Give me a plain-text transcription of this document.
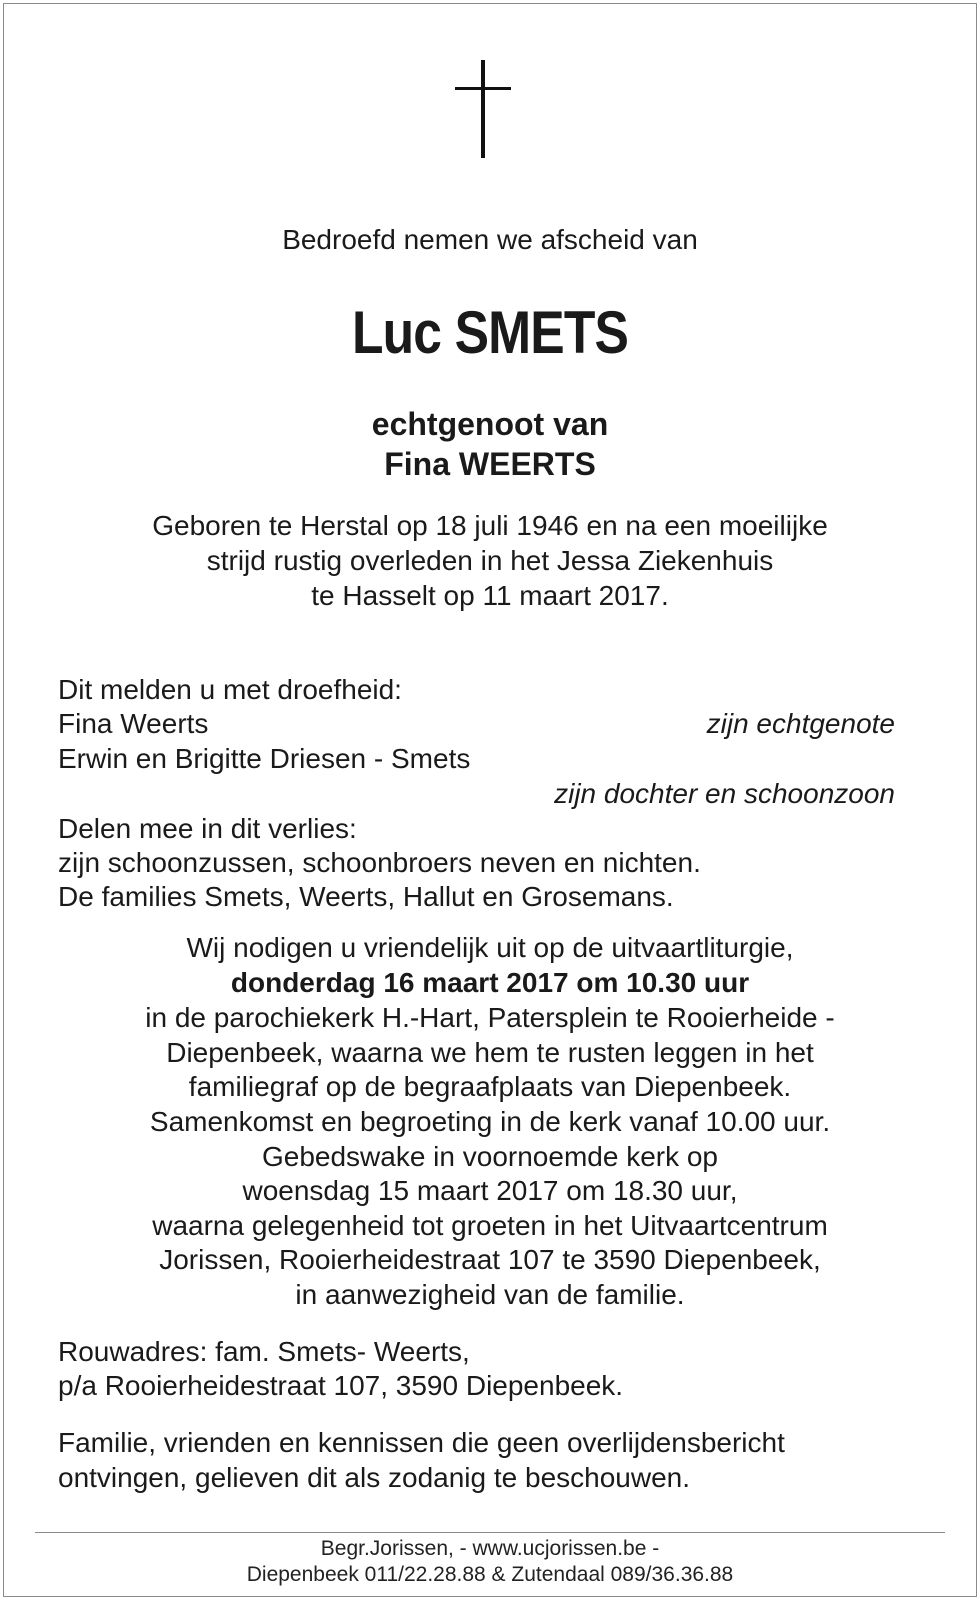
Bedroefd nemen we afscheid van
Luc SMETS
echtgenoot van
Fina WEERTS
Geboren te Herstal op 18 juli 1946 en na een moeilijke
strijd rustig overleden in het Jessa Ziekenhuis
te Hasselt op 11 maart 2017.
Dit melden u met droefheid:
Fina Weerts	zijn echtgenote
Erwin en Brigitte Driesen - Smets
zijn dochter en schoonzoon
Delen mee in dit verlies:
zijn schoonzussen, schoonbroers neven en nichten.
De families Smets, Weerts, Hallut en Grosemans.
Wij nodigen u vriendelijk uit op de uitvaartliturgie,
donderdag 16 maart 2017 om 10.30 uur
in de parochiekerk H.-Hart, Patersplein te Rooierheide -
Diepenbeek, waarna we hem te rusten leggen in het
familiegraf op de begraafplaats van Diepenbeek.
Samenkomst en begroeting in de kerk vanaf 10.00 uur.
Gebedswake in voornoemde kerk op
woensdag 15 maart 2017 om 18.30 uur,
waarna gelegenheid tot groeten in het Uitvaartcentrum
Jorissen, Rooierheidestraat 107 te 3590 Diepenbeek,
in aanwezigheid van de familie.
Rouwadres: fam. Smets- Weerts,
p/a Rooierheidestraat 107, 3590 Diepenbeek.
Familie, vrienden en kennissen die geen overlijdensbericht
ontvingen, gelieven dit als zodanig te beschouwen.
Begr.Jorissen, - www.ucjorissen.be -
Diepenbeek 011/22.28.88 & Zutendaal 089/36.36.88
